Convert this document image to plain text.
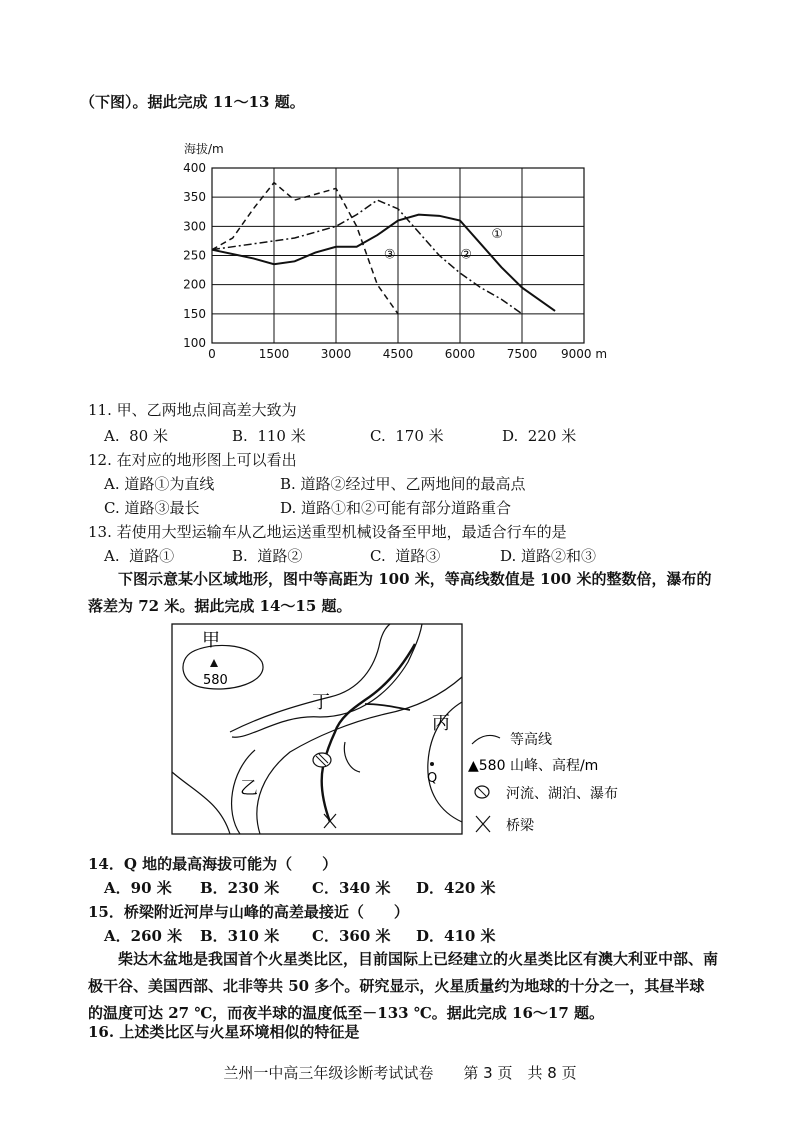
（下图）。据此完成 11～13 题。
海拔/m
0	1500	3000	4500	6000	7500 9000 m
100
150
200
250
300
350
400
①
②
③
11. 甲、乙两地点间高差大致为
A.  80 米	B.  110 米	C.  170 米	D.  220 米
12. 在对应的地形图上可以看出
A. 道路①为直线	B. 道路②经过甲、乙两地间的最高点
C. 道路③最长	D. 道路①和②可能有部分道路重合
13. 若使用大型运输车从乙地运送重型机械设备至甲地，最适合行车的是
A.  道路①	B.  道路②	C.  道路③	D. 道路②和③
　　下图示意某小区域地形，图中等高距为 100 米，等高线数值是 100 米的整数倍，瀑布的落差为 72 米。据此完成 14～15 题。
580
甲
丁
丙
乙	Q
等高线
▲580 山峰、高程/m
河流、湖泊、瀑布
桥梁
14．Q 地的最高海拔可能为（　　）
A．90 米 B．230 米 C．340 米 D．420 米
15．桥梁附近河岸与山峰的高差最接近（　　）
A．260 米 B．310 米 C．360 米 D．410 米
　　柴达木盆地是我国首个火星类比区，目前国际上已经建立的火星类比区有澳大利亚中部、南极干谷、美国西部、北非等共 50 多个。研究显示，火星质量约为地球的十分之一，其昼半球的温度可达 27 ℃，而夜半球的温度低至－133 ℃。据此完成 16～17 题。
16. 上述类比区与火星环境相似的特征是
兰州一中高三年级诊断考试试卷　　第 3 页　共 8 页
